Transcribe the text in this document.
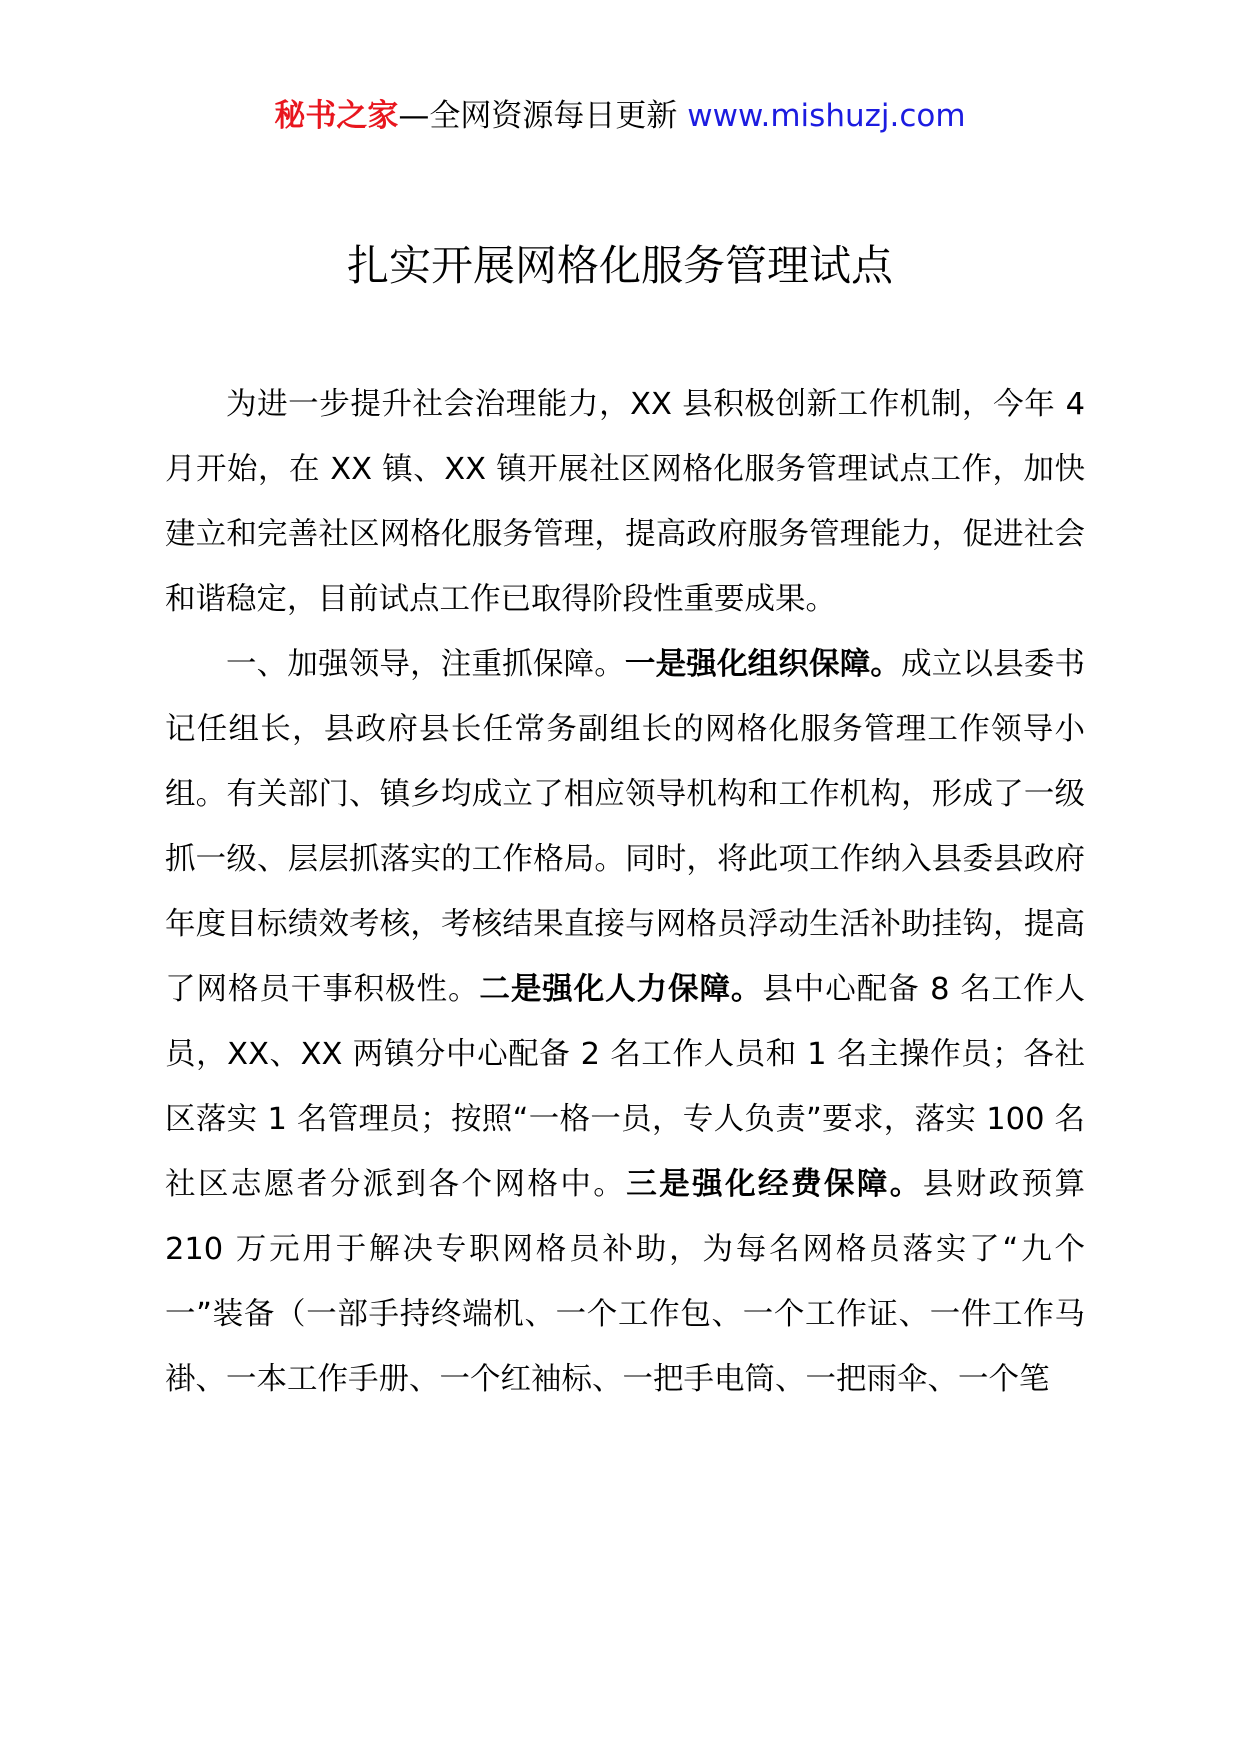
秘书之家—全网资源每日更新 www.mishuzj.com
扎实开展网格化服务管理试点

为进一步提升社会治理能力，XX 县积极创新工作机制，今年 4 月开始，在 XX 镇、XX 镇开展社区网格化服务管理试点工作，加快建立和完善社区网格化服务管理，提高政府服务管理能力，促进社会和谐稳定，目前试点工作已取得阶段性重要成果。

一、加强领导，注重抓保障。一是强化组织保障。成立以县委书记任组长，县政府县长任常务副组长的网格化服务管理工作领导小组。有关部门、镇乡均成立了相应领导机构和工作机构，形成了一级抓一级、层层抓落实的工作格局。同时，将此项工作纳入县委县政府年度目标绩效考核，考核结果直接与网格员浮动生活补助挂钩，提高了网格员干事积极性。二是强化人力保障。县中心配备 8 名工作人员，XX、XX 两镇分中心配备 2 名工作人员和 1 名主操作员；各社区落实 1 名管理员；按照“一格一员，专人负责”要求，落实 100 名社区志愿者分派到各个网格中。三是强化经费保障。县财政预算 210 万元用于解决专职网格员补助，为每名网格员落实了“九个一”装备（一部手持终端机、一个工作包、一个工作证、一件工作马褂、一本工作手册、一个红袖标、一把手电筒、一把雨伞、一个笔
